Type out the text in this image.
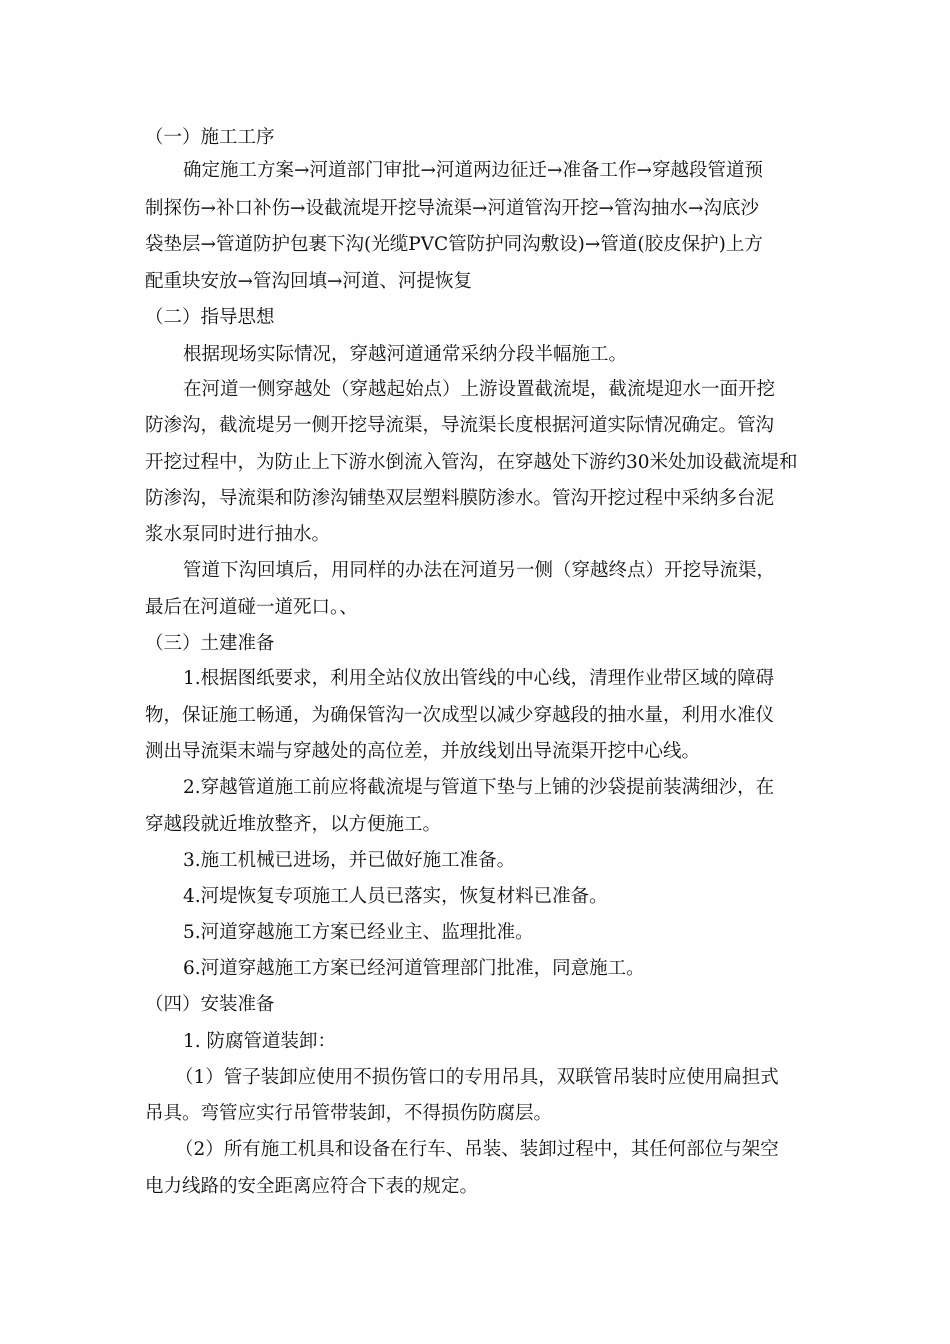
（一）施工工序
确定施工方案→河道部门审批→河道两边征迁→准备工作→穿越段管道预
制探伤→补口补伤→设截流堤开挖导流渠→河道管沟开挖→管沟抽水→沟底沙
袋垫层→管道防护包裹下沟(光缆PVC管防护同沟敷设)→管道(胶皮保护)上方
配重块安放→管沟回填→河道、河提恢复
（二）指导思想
根据现场实际情况，穿越河道通常采纳分段半幅施工。
在河道一侧穿越处（穿越起始点）上游设置截流堤，截流堤迎水一面开挖
防渗沟，截流堤另一侧开挖导流渠，导流渠长度根据河道实际情况确定。管沟
开挖过程中，为防止上下游水倒流入管沟，在穿越处下游约30米处加设截流堤和
防渗沟，导流渠和防渗沟铺垫双层塑料膜防渗水。管沟开挖过程中采纳多台泥
浆水泵同时进行抽水。
管道下沟回填后，用同样的办法在河道另一侧（穿越终点）开挖导流渠，
最后在河道碰一道死口。、
（三）土建准备
1.根据图纸要求，利用全站仪放出管线的中心线，清理作业带区域的障碍
物，保证施工畅通，为确保管沟一次成型以减少穿越段的抽水量，利用水准仪
测出导流渠末端与穿越处的高位差，并放线划出导流渠开挖中心线。
2.穿越管道施工前应将截流堤与管道下垫与上铺的沙袋提前装满细沙，在
穿越段就近堆放整齐，以方便施工。
3.施工机械已进场，并已做好施工准备。
4.河堤恢复专项施工人员已落实，恢复材料已准备。
5.河道穿越施工方案已经业主、监理批准。
6.河道穿越施工方案已经河道管理部门批准，同意施工。
（四）安装准备
1. 防腐管道装卸：
（1）管子装卸应使用不损伤管口的专用吊具，双联管吊装时应使用扁担式
吊具。弯管应实行吊管带装卸，不得损伤防腐层。
（2）所有施工机具和设备在行车、吊装、装卸过程中，其任何部位与架空
电力线路的安全距离应符合下表的规定。
